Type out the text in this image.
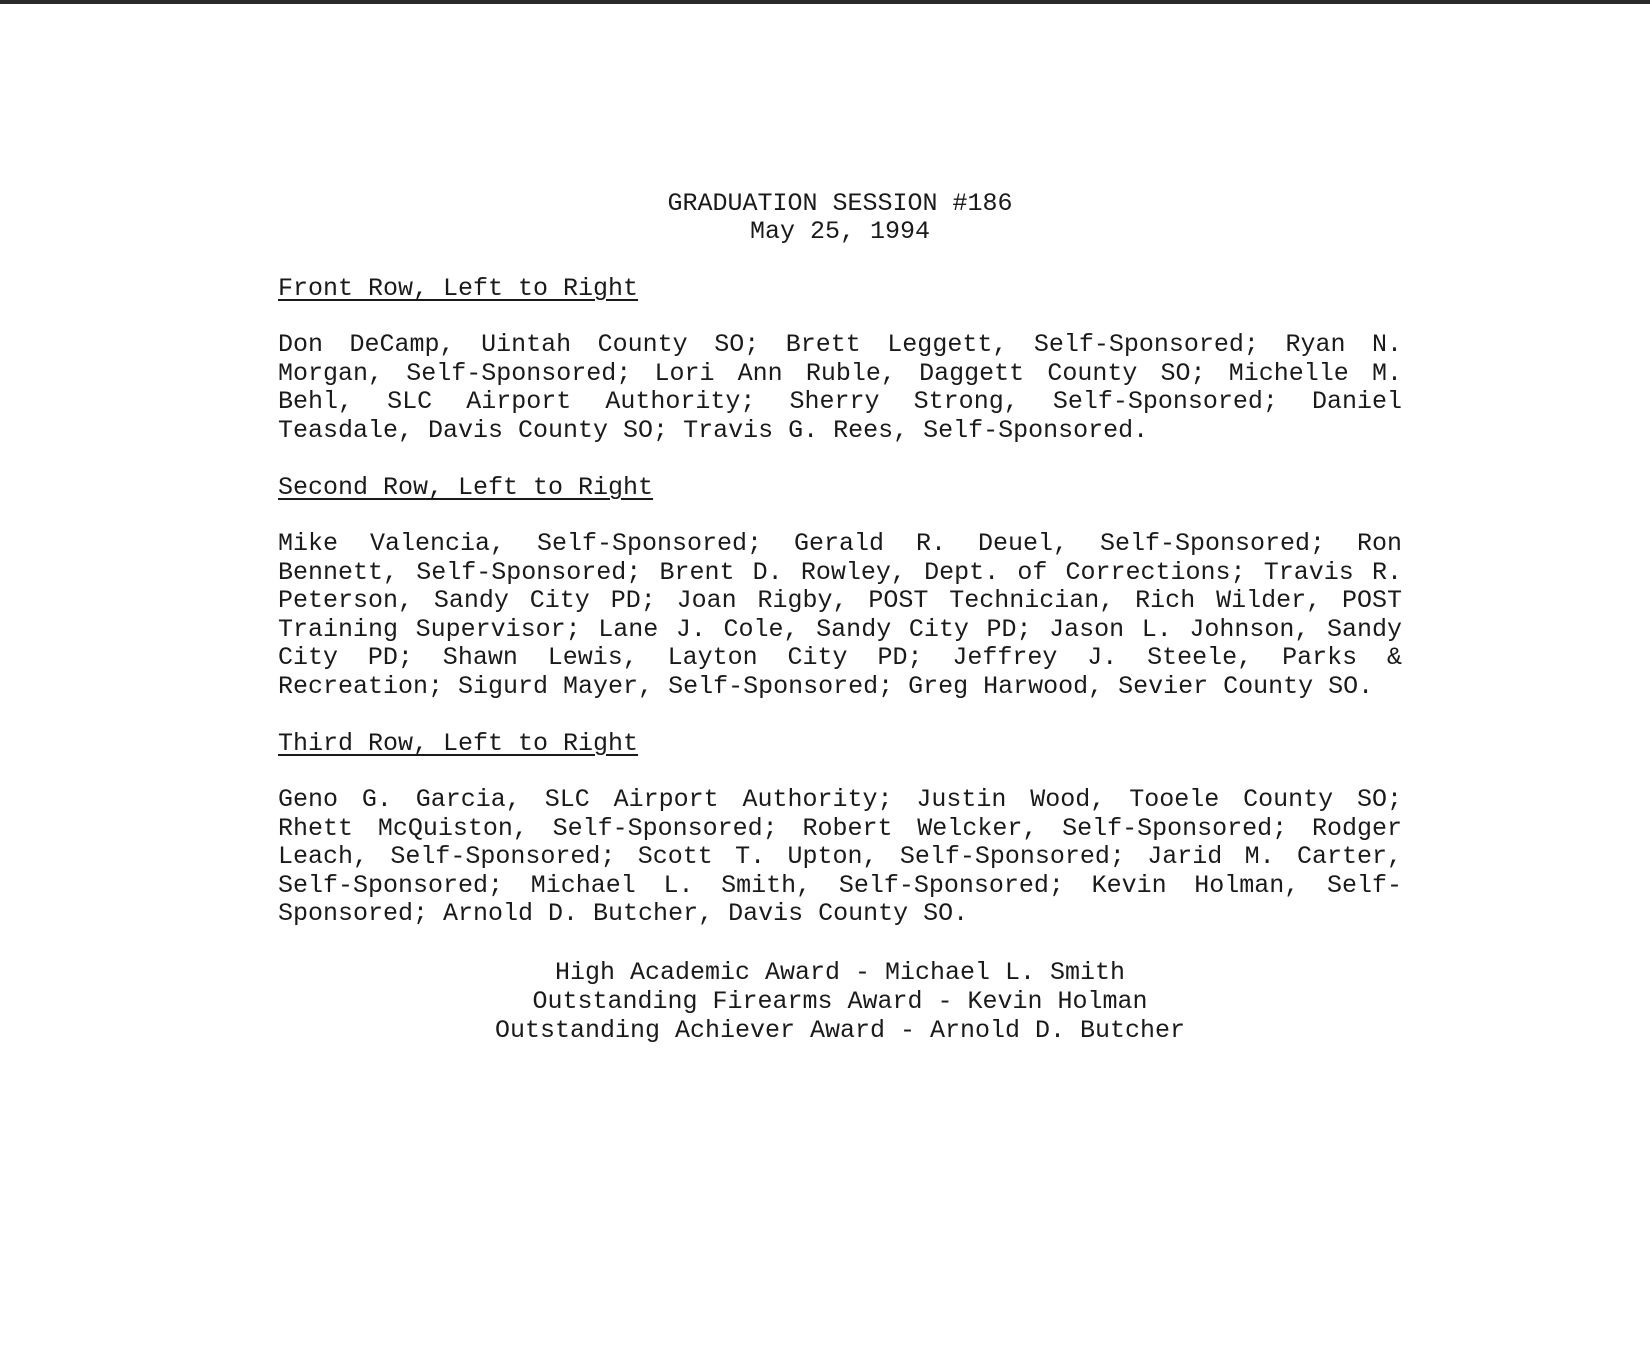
GRADUATION SESSION #186
May 25, 1994
Front Row, Left to Right
Don DeCamp, Uintah County SO; Brett Leggett, Self-Sponsored; Ryan N. Morgan, Self-Sponsored; Lori Ann Ruble, Daggett County SO; Michelle M. Behl, SLC Airport Authority; Sherry Strong, Self-Sponsored; Daniel Teasdale, Davis County SO; Travis G. Rees, Self-Sponsored.
Second Row, Left to Right
Mike Valencia, Self-Sponsored; Gerald R. Deuel, Self-Sponsored; Ron Bennett, Self-Sponsored; Brent D. Rowley, Dept. of Corrections; Travis R. Peterson, Sandy City PD; Joan Rigby, POST Technician, Rich Wilder, POST Training Supervisor; Lane J. Cole, Sandy City PD; Jason L. Johnson, Sandy City PD; Shawn Lewis, Layton City PD; Jeffrey J. Steele, Parks & Recreation; Sigurd Mayer, Self-Sponsored; Greg Harwood, Sevier County SO.
Third Row, Left to Right
Geno G. Garcia, SLC Airport Authority; Justin Wood, Tooele County SO; Rhett McQuiston, Self-Sponsored; Robert Welcker, Self-Sponsored; Rodger Leach, Self-Sponsored; Scott T. Upton, Self-Sponsored; Jarid M. Carter, Self-Sponsored; Michael L. Smith, Self-Sponsored; Kevin Holman, Self-Sponsored; Arnold D. Butcher, Davis County SO.
High Academic Award - Michael L. Smith
Outstanding Firearms Award - Kevin Holman
Outstanding Achiever Award - Arnold D. Butcher
